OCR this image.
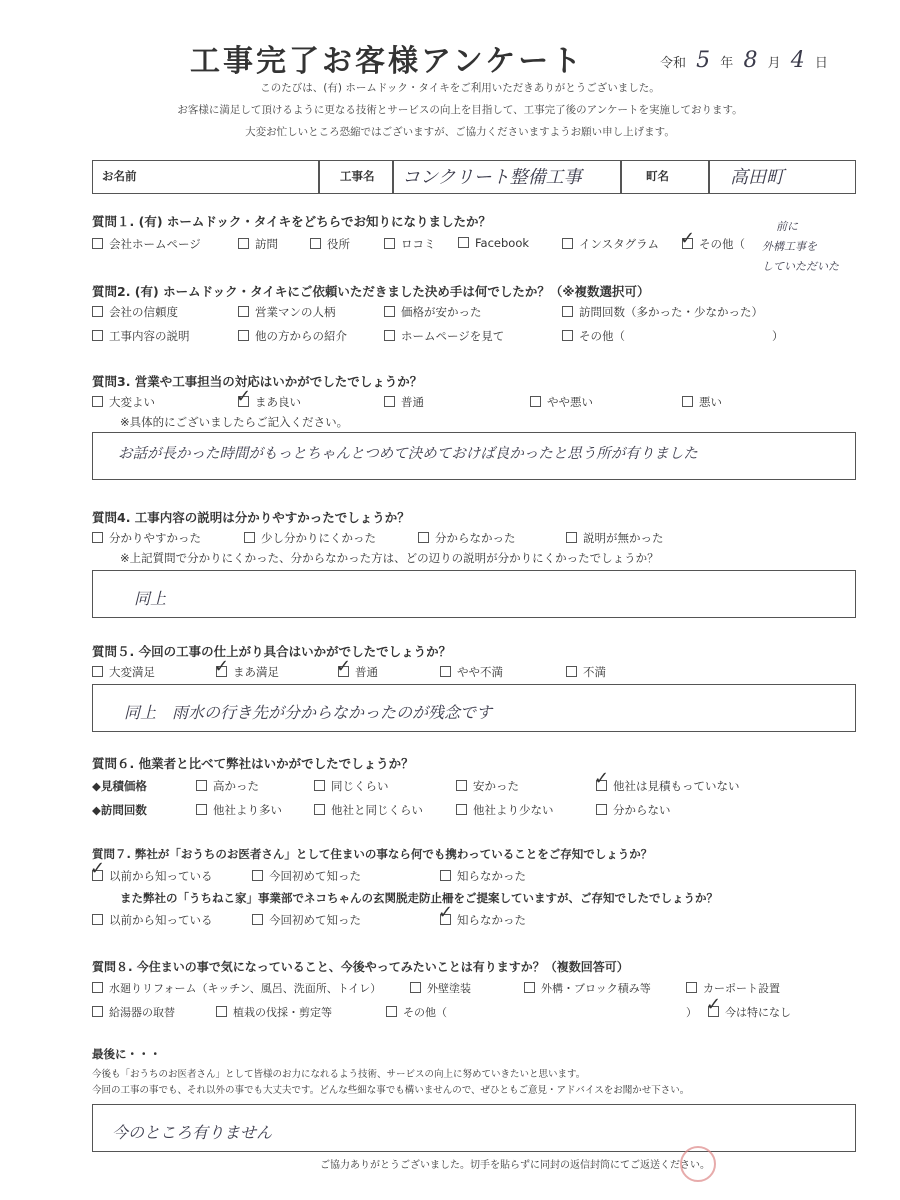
工事完了お客様アンケート	令和 5 年 8 月 4 日
このたびは、(有) ホームドック・タイキをご利用いただきありがとうございました。
お客様に満足して頂けるように更なる技術とサービスの向上を目指して、工事完了後のアンケートを実施しております。
大変お忙しいところ恐縮ではございますが、ご協力くださいますようお願い申し上げます。
お名前	工事名 コンクリート整備工事	町名	高田町
質問１. (有) ホームドック・タイキをどちらでお知りになりましたか？
会社ホームページ	訪問	役所	ロコミ	Facebook	インスタグラム	その他（
✓
前に
外構工事を
していただいた
質問2. (有) ホームドック・タイキにご依頼いただきました決め手は何でしたか？（※複数選択可）
会社の信頼度	営業マンの人柄	価格が安かった	訪問回数（多かった・少なかった）
工事内容の説明	他の方からの紹介	ホームページを見て	その他（	）
質問3. 営業や工事担当の対応はいかがでしたでしょうか？
大変よい	まあ良い
✓	普通	やや悪い	悪い
※具体的にございましたらご記入ください。
お話が長かった時間がもっとちゃんとつめて決めておけば良かったと思う所が有りました
質問4. 工事内容の説明は分かりやすかったでしょうか？
分かりやすかった	少し分かりにくかった	分からなかった	説明が無かった
※上記質問で分かりにくかった、分からなかった方は、どの辺りの説明が分かりにくかったでしょうか？
同上
質問５. 今回の工事の仕上がり具合はいかがでしたでしょうか？
大変満足	まあ満足
✓	普通
✓	やや不満	不満
同上　雨水の行き先が分からなかったのが残念です
質問６. 他業者と比べて弊社はいかがでしたでしょうか？
◆見積価格	高かった	同じくらい	安かった	他社は見積もっていない
✓
◆訪問回数	他社より多い	他社と同じくらい	他社より少ない	分からない
質問７. 弊社が「おうちのお医者さん」として住まいの事なら何でも携わっていることをご存知でしょうか？
以前から知っている
✓	今回初めて知った	知らなかった
また弊社の「うちねこ家」事業部でネコちゃんの玄関脱走防止柵をご提案していますが、ご存知でしたでしょうか？
以前から知っている	今回初めて知った	知らなかった
✓
質問８. 今住まいの事で気になっていること、今後やってみたいことは有りますか？（複数回答可）
水廻りリフォーム（キッチン、風呂、洗面所、トイレ）	外壁塗装	外構・ブロック積み等	カーポート設置
給湯器の取替	植栽の伐採・剪定等	その他（	）	今は特になし
✓
最後に・・・
今後も「おうちのお医者さん」として皆様のお力になれるよう技術、サービスの向上に努めていきたいと思います。
今回の工事の事でも、それ以外の事でも大丈夫です。どんな些細な事でも構いませんので、ぜひともご意見・アドバイスをお聞かせ下さい。
今のところ有りません
ご協力ありがとうございました。切手を貼らずに同封の返信封筒にてご返送ください。
